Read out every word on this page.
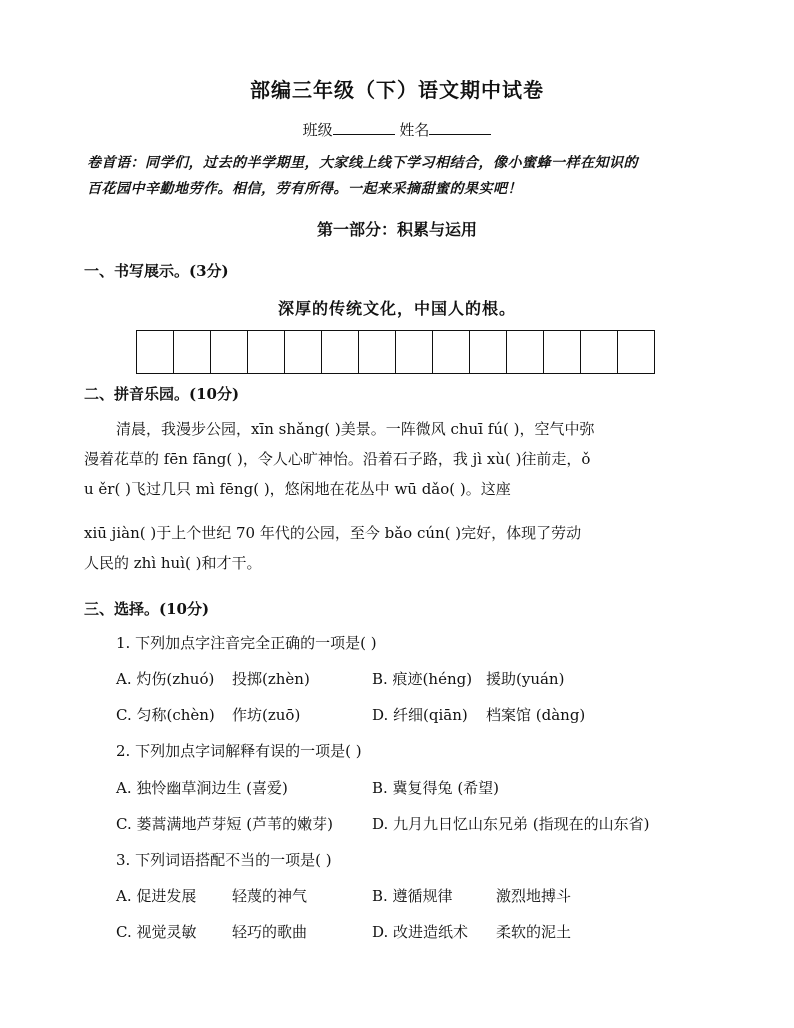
部编三年级（下）语文期中试卷
班级	姓名
卷首语：同学们，过去的半学期里，大家线上线下学习相结合，像小蜜蜂一样在知识的
百花园中辛勤地劳作。相信，劳有所得。一起来采摘甜蜜的果实吧！
第一部分：积累与运用
一、书写展示。(3分)
深厚的传统文化，中国人的根。
二、拼音乐园。(10分)
清晨，我漫步公园，xīn shǎng( )美景。一阵微风 chuī fú( )，空气中弥
漫着花草的 fēn fāng( )，令人心旷神怡。沿着石子路，我 jì xù( )往前走，ǒ
u ěr( )飞过几只 mì fēng( )，悠闲地在花丛中 wū dǎo( )。这座
xiū jiàn( )于上个世纪 70 年代的公园，至今 bǎo cún( )完好，体现了劳动
人民的 zhì huì( )和才干。
三、选择。(10分)
1. 下列加点字注音完全正确的一项是( )
A. 灼伤(zhuó) 投掷(zhèn)	B. 痕迹(héng) 援助(yuán)
C. 匀称(chèn) 作坊(zuō)	D. 纤细(qiān) 档案馆 (dàng)
2. 下列加点字词解释有误的一项是( )
A. 独怜幽草涧边生 (喜爱)	B. 冀复得兔 (希望)
C. 蒌蒿满地芦芽短 (芦苇的嫩芽)	D. 九月九日忆山东兄弟 (指现在的山东省)
3. 下列词语搭配不当的一项是( )
A. 促进发展 轻蔑的神气	B. 遵循规律	激烈地搏斗
C. 视觉灵敏 轻巧的歌曲	D. 改进造纸术 柔软的泥土
